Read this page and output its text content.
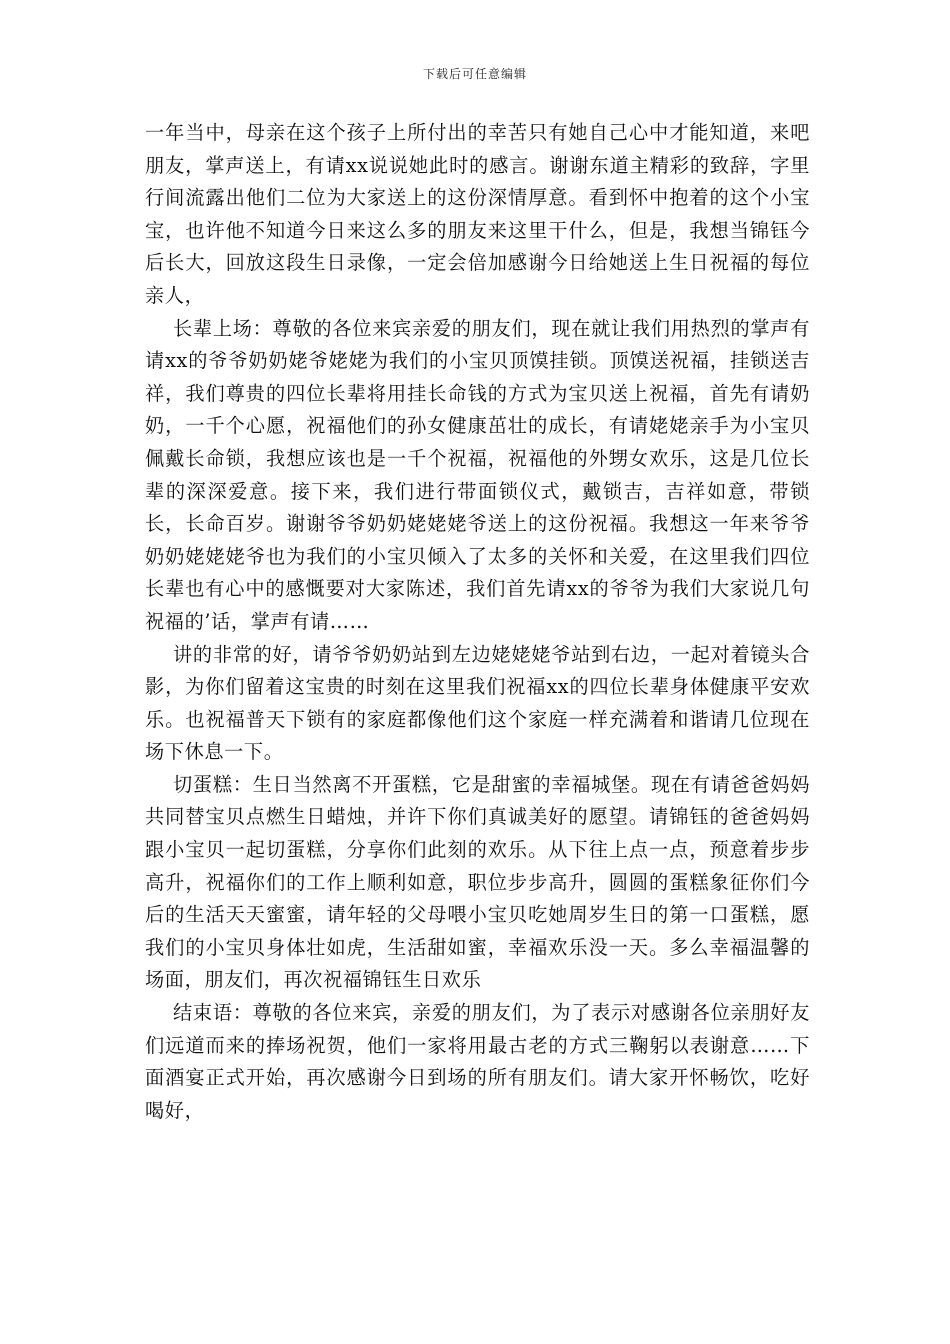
下载后可任意编辑

一年当中，母亲在这个孩子上所付出的幸苦只有她自己心中才能知道，来吧朋友，掌声送上，有请xx说说她此时的感言。谢谢东道主精彩的致辞，字里行间流露出他们二位为大家送上的这份深情厚意。看到怀中抱着的这个小宝宝，也许他不知道今日来这么多的朋友来这里干什么，但是，我想当锦钰今后长大，回放这段生日录像，一定会倍加感谢今日给她送上生日祝福的每位亲人，

长辈上场：尊敬的各位来宾亲爱的朋友们，现在就让我们用热烈的掌声有请xx的爷爷奶奶姥爷姥姥为我们的小宝贝顶馍挂锁。顶馍送祝福，挂锁送吉祥，我们尊贵的四位长辈将用挂长命钱的方式为宝贝送上祝福，首先有请奶奶，一千个心愿，祝福他们的孙女健康茁壮的成长，有请姥姥亲手为小宝贝佩戴长命锁，我想应该也是一千个祝福，祝福他的外甥女欢乐，这是几位长辈的深深爱意。接下来，我们进行带面锁仪式，戴锁吉，吉祥如意，带锁长，长命百岁。谢谢爷爷奶奶姥姥姥爷送上的这份祝福。我想这一年来爷爷奶奶姥姥姥爷也为我们的小宝贝倾入了太多的关怀和关爱，在这里我们四位长辈也有心中的感慨要对大家陈述，我们首先请xx的爷爷为我们大家说几句祝福的’话，掌声有请……

讲的非常的好，请爷爷奶奶站到左边姥姥姥爷站到右边，一起对着镜头合影，为你们留着这宝贵的时刻在这里我们祝福xx的四位长辈身体健康平安欢乐。也祝福普天下锁有的家庭都像他们这个家庭一样充满着和谐请几位现在场下休息一下。

切蛋糕：生日当然离不开蛋糕，它是甜蜜的幸福城堡。现在有请爸爸妈妈共同替宝贝点燃生日蜡烛，并许下你们真诚美好的愿望。请锦钰的爸爸妈妈跟小宝贝一起切蛋糕，分享你们此刻的欢乐。从下往上点一点，预意着步步高升，祝福你们的工作上顺利如意，职位步步高升，圆圆的蛋糕象征你们今后的生活天天蜜蜜，请年轻的父母喂小宝贝吃她周岁生日的第一口蛋糕，愿我们的小宝贝身体壮如虎，生活甜如蜜，幸福欢乐没一天。多么幸福温馨的场面，朋友们，再次祝福锦钰生日欢乐

结束语：尊敬的各位来宾，亲爱的朋友们，为了表示对感谢各位亲朋好友们远道而来的捧场祝贺，他们一家将用最古老的方式三鞠躬以表谢意……下面酒宴正式开始，再次感谢今日到场的所有朋友们。请大家开怀畅饮，吃好喝好，
